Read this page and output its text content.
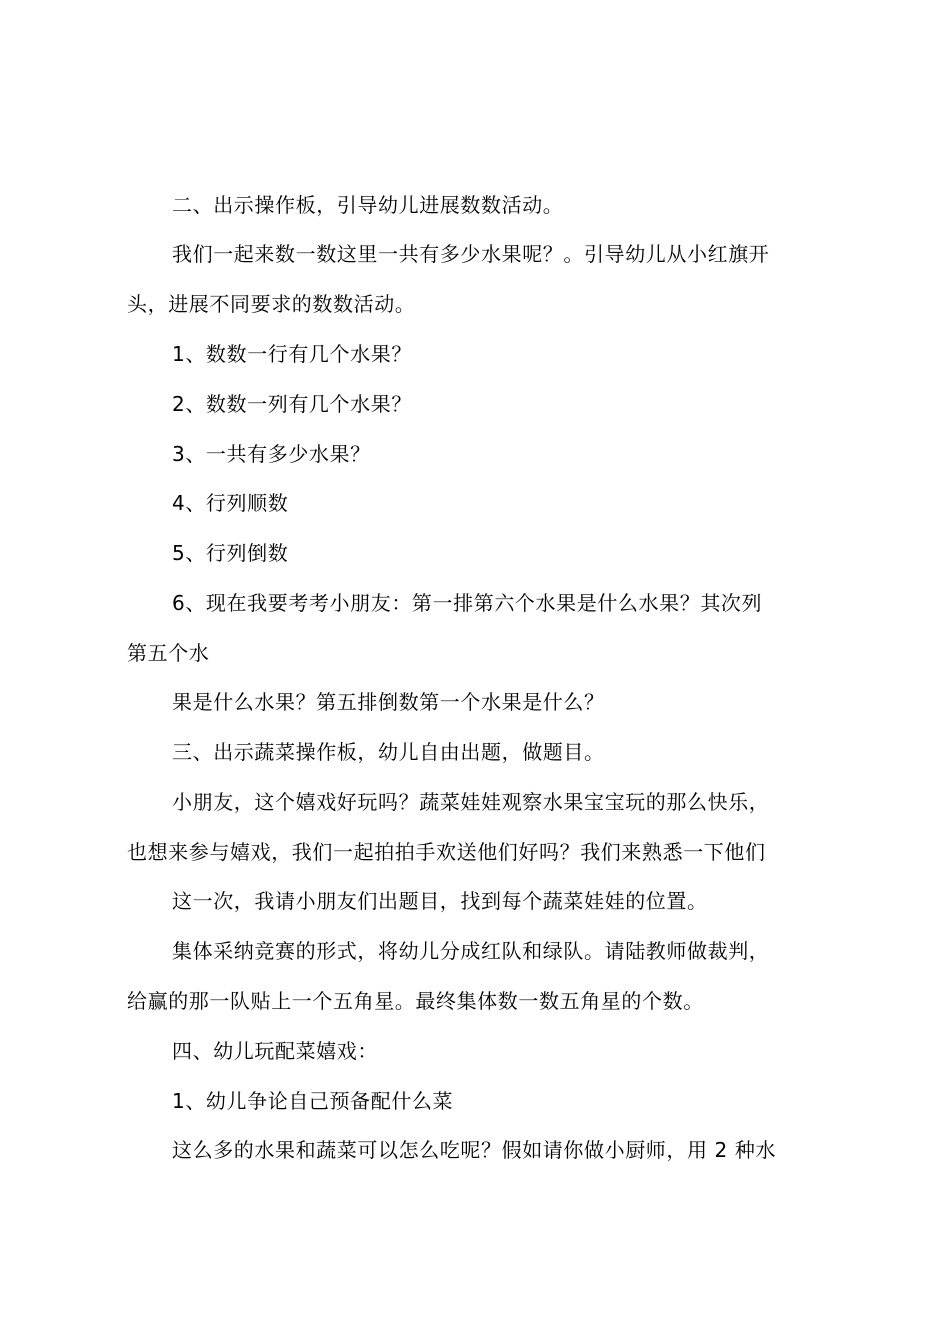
二、出示操作板，引导幼儿进展数数活动。
我们一起来数一数这里一共有多少水果呢？。引导幼儿从小红旗开
头，进展不同要求的数数活动。
1、数数一行有几个水果？
2、数数一列有几个水果？
3、一共有多少水果？
4、行列顺数
5、行列倒数
6、现在我要考考小朋友：第一排第六个水果是什么水果？其次列
第五个水
果是什么水果？第五排倒数第一个水果是什么？
三、出示蔬菜操作板，幼儿自由出题，做题目。
小朋友，这个嬉戏好玩吗？蔬菜娃娃观察水果宝宝玩的那么快乐，
也想来参与嬉戏，我们一起拍拍手欢送他们好吗？我们来熟悉一下他们
这一次，我请小朋友们出题目，找到每个蔬菜娃娃的位置。
集体采纳竞赛的形式，将幼儿分成红队和绿队。请陆教师做裁判，
给赢的那一队贴上一个五角星。最终集体数一数五角星的个数。
四、幼儿玩配菜嬉戏：
1、幼儿争论自己预备配什么菜
这么多的水果和蔬菜可以怎么吃呢？假如请你做小厨师，用 2 种水
